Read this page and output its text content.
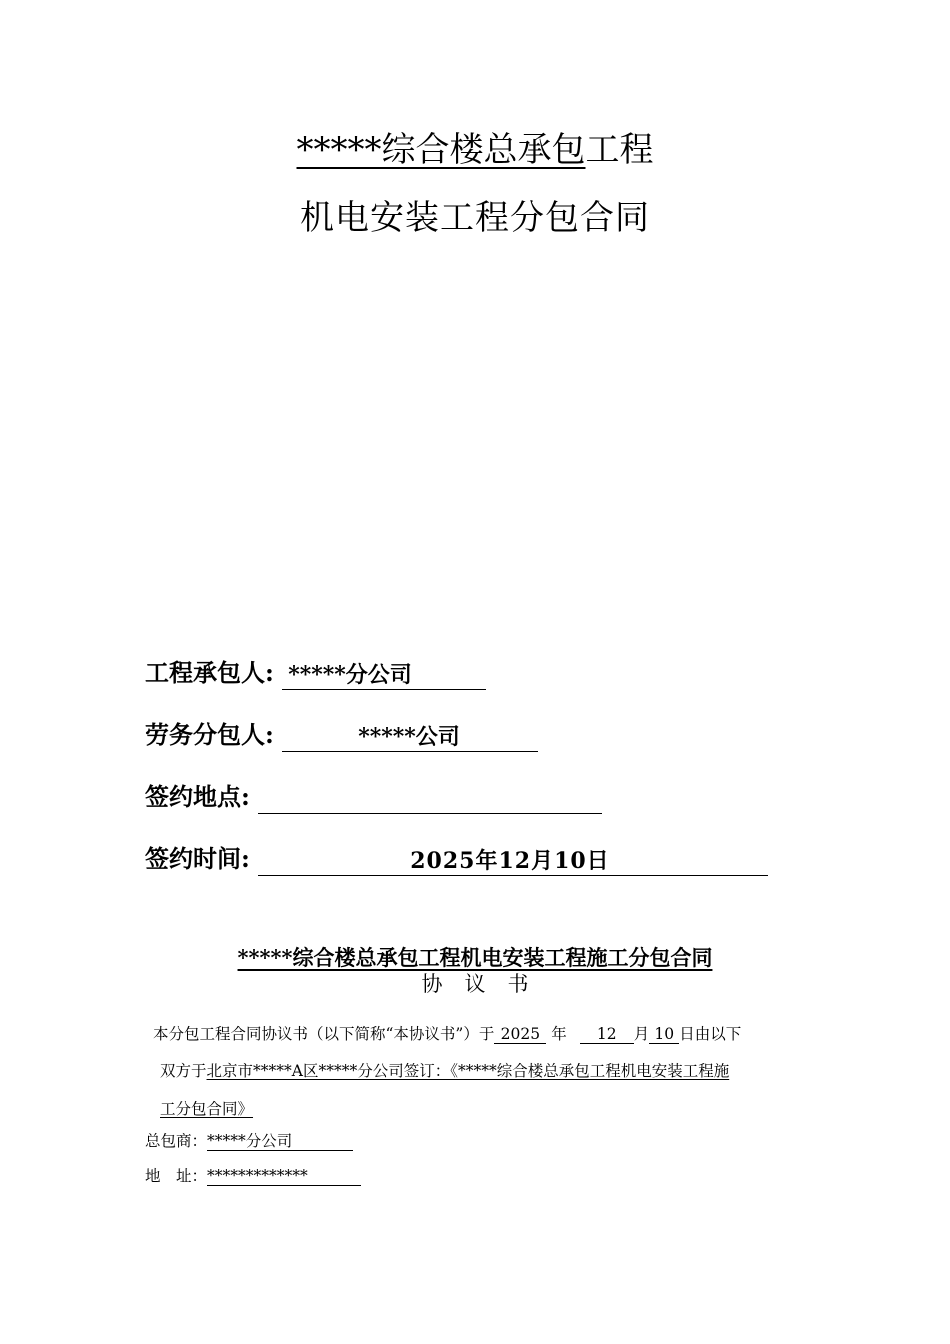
*****综合楼总承包工程
机电安装工程分包合同
工程承包人: *****分公司
劳务分包人:	*****公司
签约地点:
签约时间:	2025年12月10日
*****综合楼总承包工程机电安装工程施工分包合同
协议书
本分包工程合同协议书（以下简称“本协议书”）于 2025 年 12 月 10 日由以下
双方于北京市*****A区*****分公司签订：《*****综合楼总承包工程机电安装工程施
工分包合同》
总包商：*****分公司
地　址：*************
